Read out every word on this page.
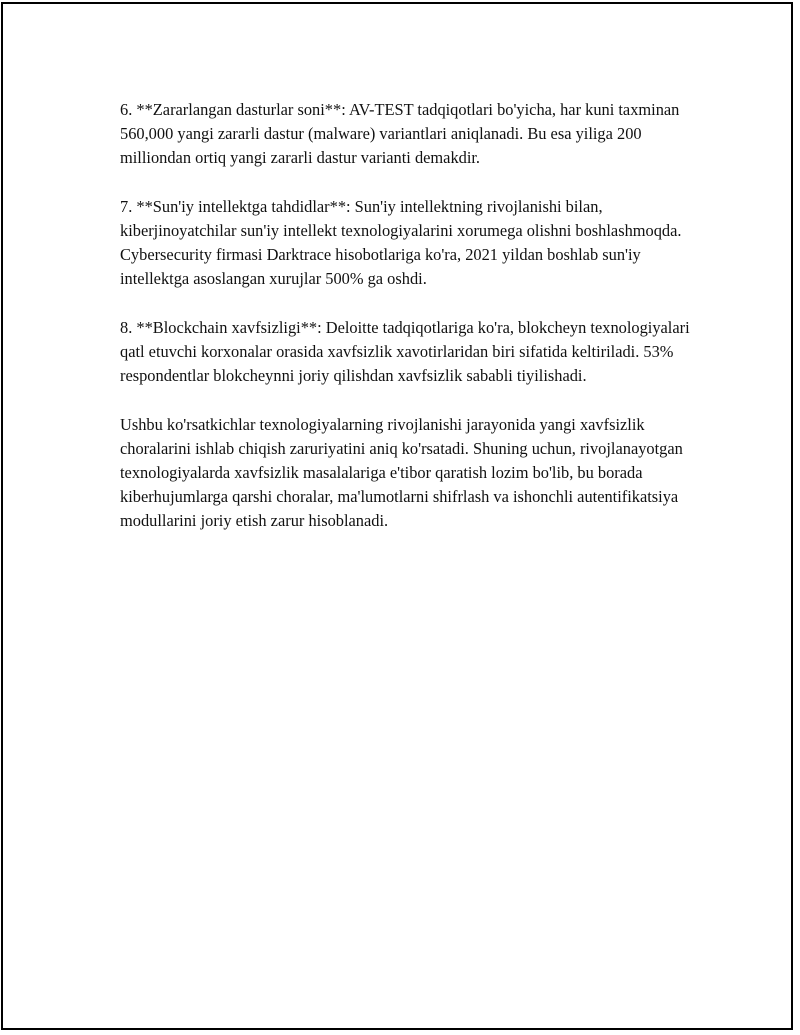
6. **Zararlangan dasturlar soni**: AV-TEST tadqiqotlari bo'yicha, har kuni taxminan 560,000 yangi zararli dastur (malware) variantlari aniqlanadi. Bu esa yiliga 200 milliondan ortiq yangi zararli dastur varianti demakdir.

7. **Sun'iy intellektga tahdidlar**: Sun'iy intellektning rivojlanishi bilan, kiberjinoyatchilar sun'iy intellekt texnologiyalarini xorumega olishni boshlashmoqda. Cybersecurity firmasi Darktrace hisobotlariga ko'ra, 2021 yildan boshlab sun'iy intellektga asoslangan xurujlar 500% ga oshdi.

8. **Blockchain xavfsizligi**: Deloitte tadqiqotlariga ko'ra, blokcheyn texnologiyalari qatl etuvchi korxonalar orasida xavfsizlik xavotirlaridan biri sifatida keltiriladi. 53% respondentlar blokcheynni joriy qilishdan xavfsizlik sababli tiyilishadi.

Ushbu ko'rsatkichlar texnologiyalarning rivojlanishi jarayonida yangi xavfsizlik choralarini ishlab chiqish zaruriyatini aniq ko'rsatadi. Shuning uchun, rivojlanayotgan texnologiyalarda xavfsizlik masalalariga e'tibor qaratish lozim bo'lib, bu borada kiberhujumlarga qarshi choralar, ma'lumotlarni shifrlash va ishonchli autentifikatsiya modullarini joriy etish zarur hisoblanadi.
